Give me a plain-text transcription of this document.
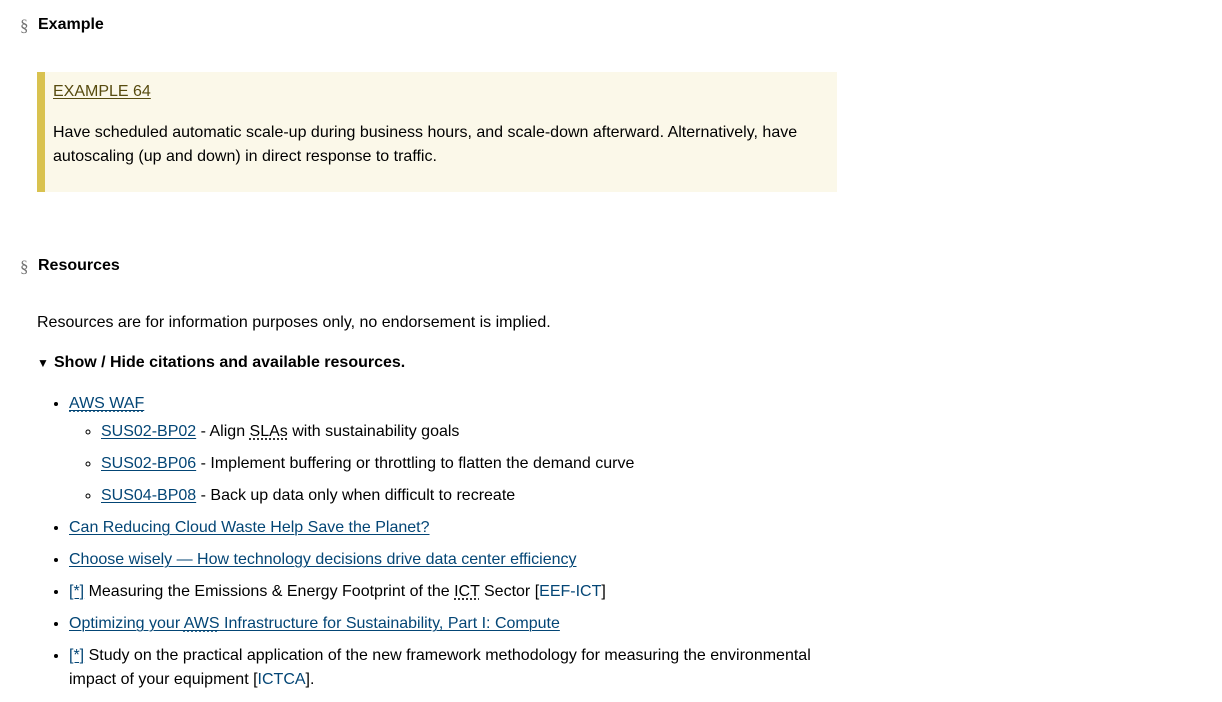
§ Example
EXAMPLE 64
Have scheduled automatic scale-up during business hours, and scale-down afterward. Alternatively, have autoscaling (up and down) in direct response to traffic.
§ Resources
Resources are for information purposes only, no endorsement is implied.
▼ Show / Hide citations and available resources.
• AWS WAF
◦ SUS02-BP02 - Align SLAs with sustainability goals
◦ SUS02-BP06 - Implement buffering or throttling to flatten the demand curve
◦ SUS04-BP08 - Back up data only when difficult to recreate
• Can Reducing Cloud Waste Help Save the Planet?
• Choose wisely — How technology decisions drive data center efficiency
• [*] Measuring the Emissions & Energy Footprint of the ICT Sector [EEF-ICT]
• Optimizing your AWS Infrastructure for Sustainability, Part I: Compute
• [*] Study on the practical application of the new framework methodology for measuring the environmental impact of your equipment [ICTCA].
